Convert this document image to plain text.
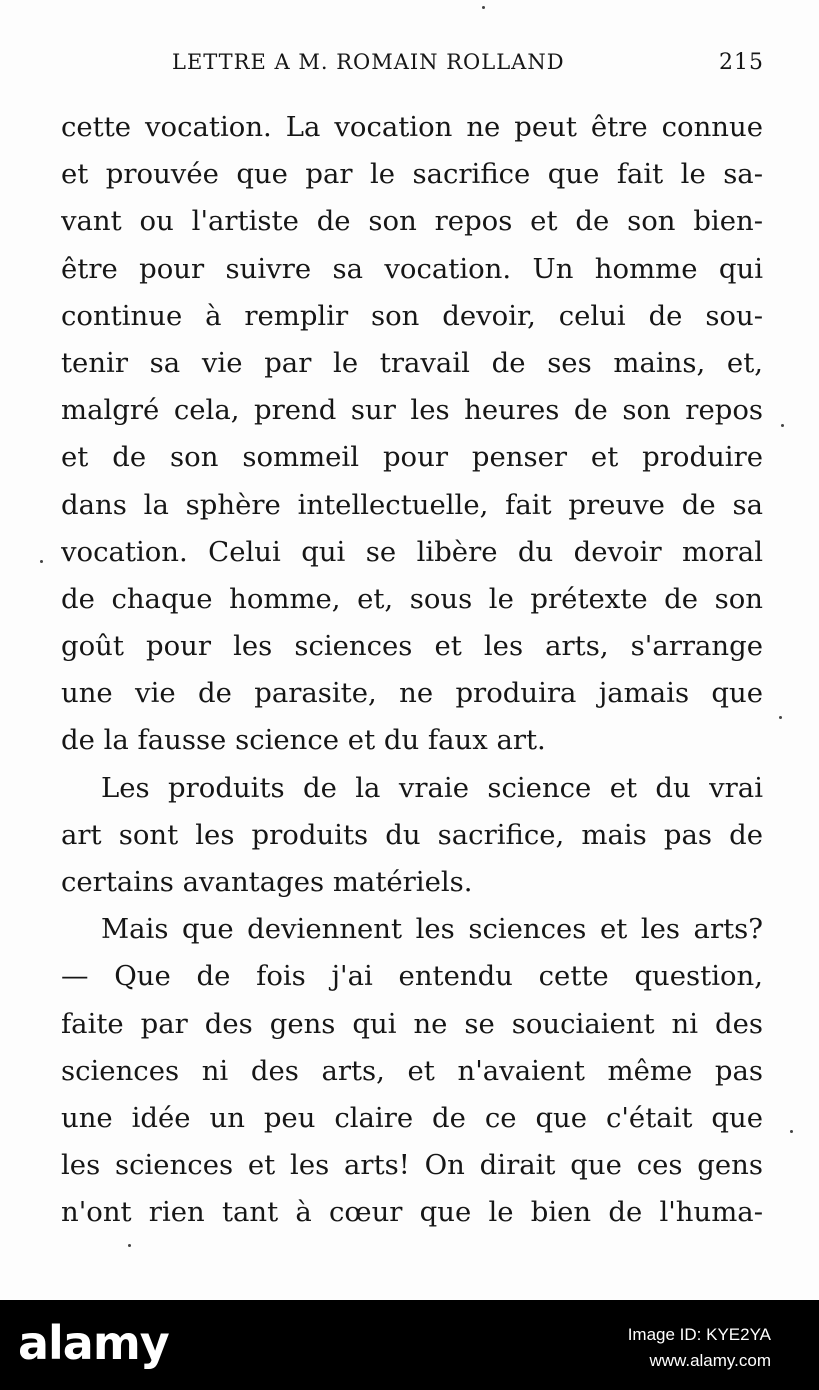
LETTRE A M. ROMAIN ROLLAND	215
cette vocation. La vocation ne peut être connue
et prouvée que par le sacrifice que fait le sa-
vant ou l'artiste de son repos et de son bien-
être pour suivre sa vocation. Un homme qui
continue à remplir son devoir, celui de sou-
tenir sa vie par le travail de ses mains, et,
malgré cela, prend sur les heures de son repos
et de son sommeil pour penser et produire
dans la sphère intellectuelle, fait preuve de sa
vocation. Celui qui se libère du devoir moral
de chaque homme, et, sous le prétexte de son
goût pour les sciences et les arts, s'arrange
une vie de parasite, ne produira jamais que
de la fausse science et du faux art.
Les produits de la vraie science et du vrai
art sont les produits du sacrifice, mais pas de
certains avantages matériels.
Mais que deviennent les sciences et les arts?
— Que de fois j'ai entendu cette question,
faite par des gens qui ne se souciaient ni des
sciences ni des arts, et n'avaient même pas
une idée un peu claire de ce que c'était que
les sciences et les arts! On dirait que ces gens
n'ont rien tant à cœur que le bien de l'huma-
alamy	Image ID: KYE2YA
www.alamy.com
